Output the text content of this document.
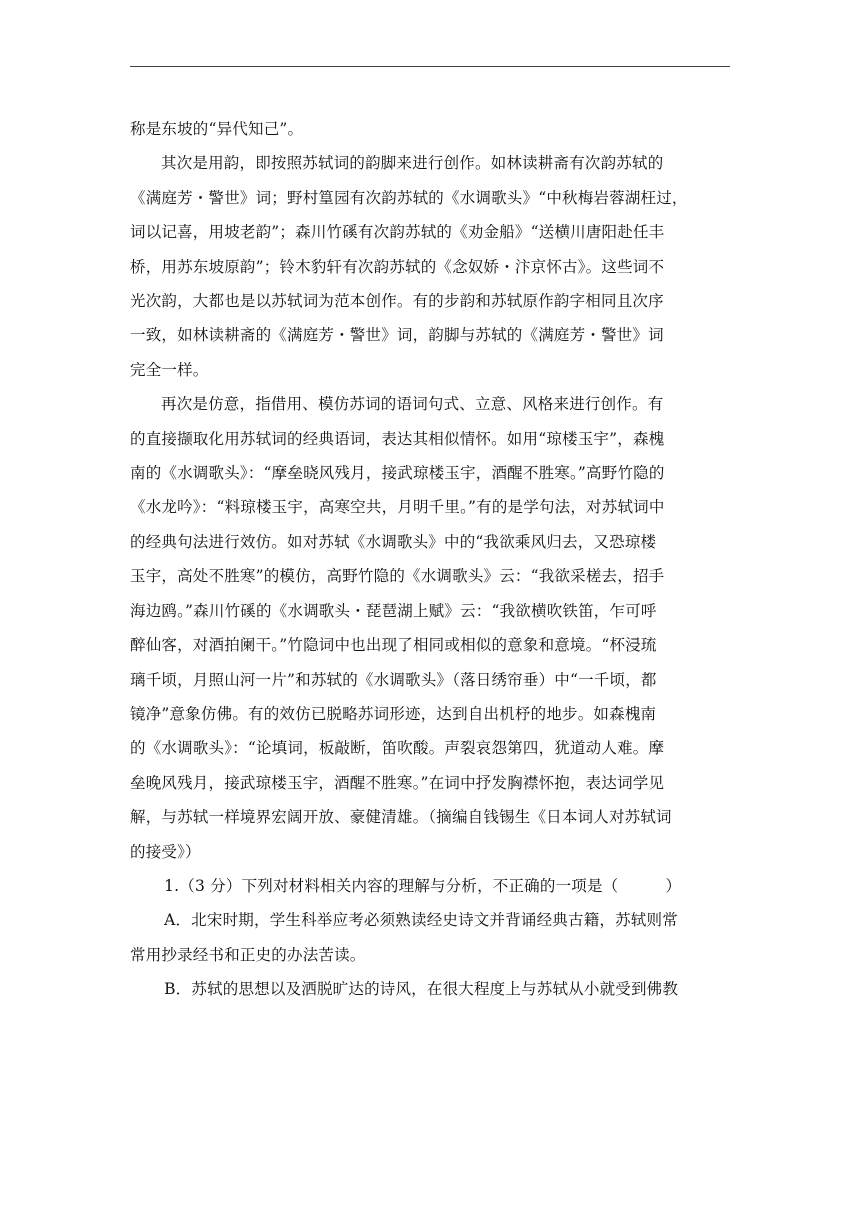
称是东坡的“异代知己”。

其次是用韵，即按照苏轼词的韵脚来进行创作。如林读耕斋有次韵苏轼的
《满庭芳・警世》词；野村篁园有次韵苏轼的《水调歌头》“中秋梅岩蓉湖枉过，
词以记喜，用坡老韵”；森川竹磎有次韵苏轼的《劝金船》“送横川唐阳赴任丰
桥，用苏东坡原韵”；铃木豹轩有次韵苏轼的《念奴娇・汴京怀古》。这些词不
光次韵，大都也是以苏轼词为范本创作。有的步韵和苏轼原作韵字相同且次序
一致，如林读耕斋的《满庭芳・警世》词，韵脚与苏轼的《满庭芳・警世》词
完全一样。

再次是仿意，指借用、模仿苏词的语词句式、立意、风格来进行创作。有
的直接撷取化用苏轼词的经典语词，表达其相似情怀。如用“琼楼玉宇”，森槐
南的《水调歌头》：“摩垒晓风残月，接武琼楼玉宇，酒醒不胜寒。”高野竹隐的
《水龙吟》：“料琼楼玉宇，高寒空共，月明千里。”有的是学句法，对苏轼词中
的经典句法进行效仿。如对苏轼《水调歌头》中的“我欲乘风归去，又恐琼楼
玉宇，高处不胜寒”的模仿，高野竹隐的《水调歌头》云：“我欲采槎去，招手
海边鸥。”森川竹磎的《水调歌头・琵琶湖上赋》云：“我欲横吹铁笛，乍可呼
醉仙客，对酒拍阑干。”竹隐词中也出现了相同或相似的意象和意境。“杯浸琉
璃千顷，月照山河一片”和苏轼的《水调歌头》（落日绣帘垂）中“一千顷，都
镜净”意象仿佛。有的效仿已脱略苏词形迹，达到自出机杼的地步。如森槐南
的《水调歌头》：“论填词，板敲断，笛吹酸。声裂哀怨第四，犹道动人难。摩
垒晚风残月，接武琼楼玉宇，酒醒不胜寒。”在词中抒发胸襟怀抱，表达词学见
解，与苏轼一样境界宏阔开放、豪健清雄。（摘编自钱锡生《日本词人对苏轼词
的接受》）

1.（3 分）下列对材料相关内容的理解与分析，不正确的一项是（　　　）
A．北宋时期，学生科举应考必须熟读经史诗文并背诵经典古籍，苏轼则常
常用抄录经书和正史的办法苦读。
B．苏轼的思想以及洒脱旷达的诗风，在很大程度上与苏轼从小就受到佛教
